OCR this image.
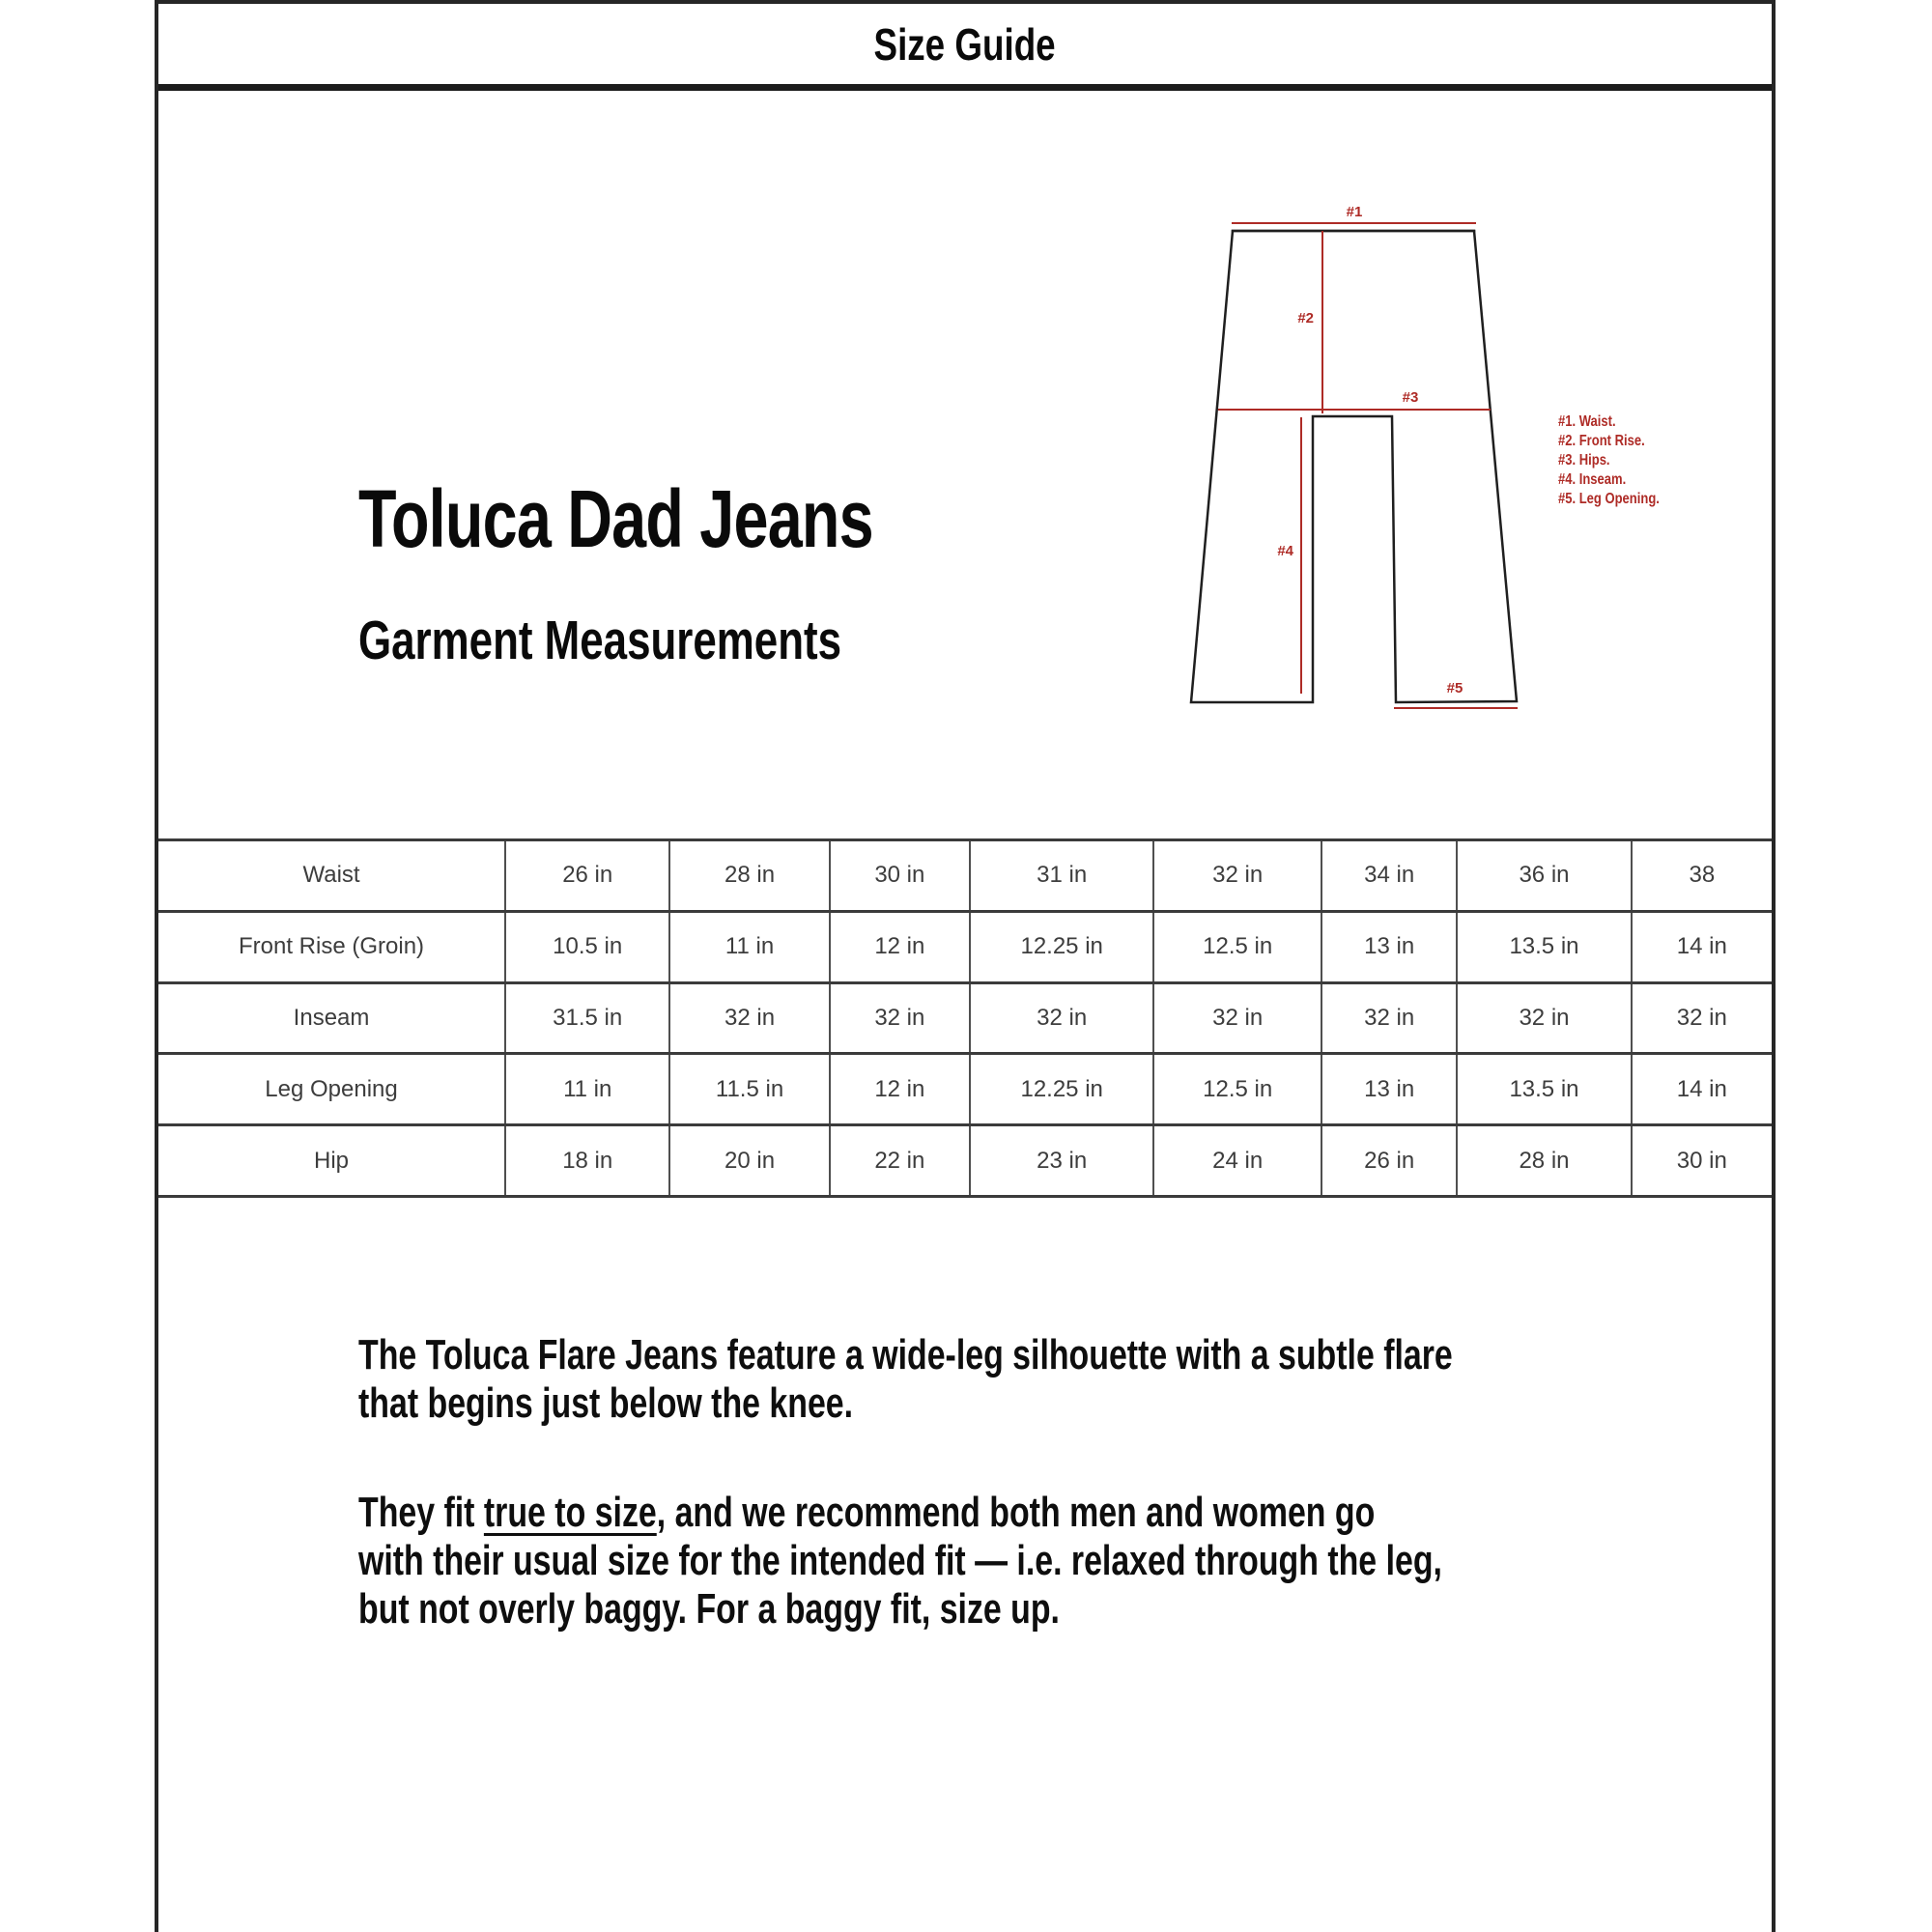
Size Guide
Toluca Dad Jeans
Garment Measurements
#1
#2
#3
#4
#5
#1. Waist.
#2. Front Rise.
#3. Hips.
#4. Inseam.
#5. Leg Opening.
Waist	26 in	28 in	30 in	31 in	32 in	34 in	36 in	38
Front Rise (Groin)	10.5 in	11 in	12 in	12.25 in	12.5 in	13 in	13.5 in	14 in
Inseam	31.5 in	32 in	32 in	32 in	32 in	32 in	32 in	32 in
Leg Opening	11 in	11.5 in	12 in	12.25 in	12.5 in	13 in	13.5 in	14 in
Hip	18 in	20 in	22 in	23 in	24 in	26 in	28 in	30 in

The Toluca Flare Jeans feature a wide-leg silhouette with a subtle flare
that begins just below the knee.

They fit true to size, and we recommend both men and women go
with their usual size for the intended fit — i.e. relaxed through the leg,
but not overly baggy. For a baggy fit, size up.
